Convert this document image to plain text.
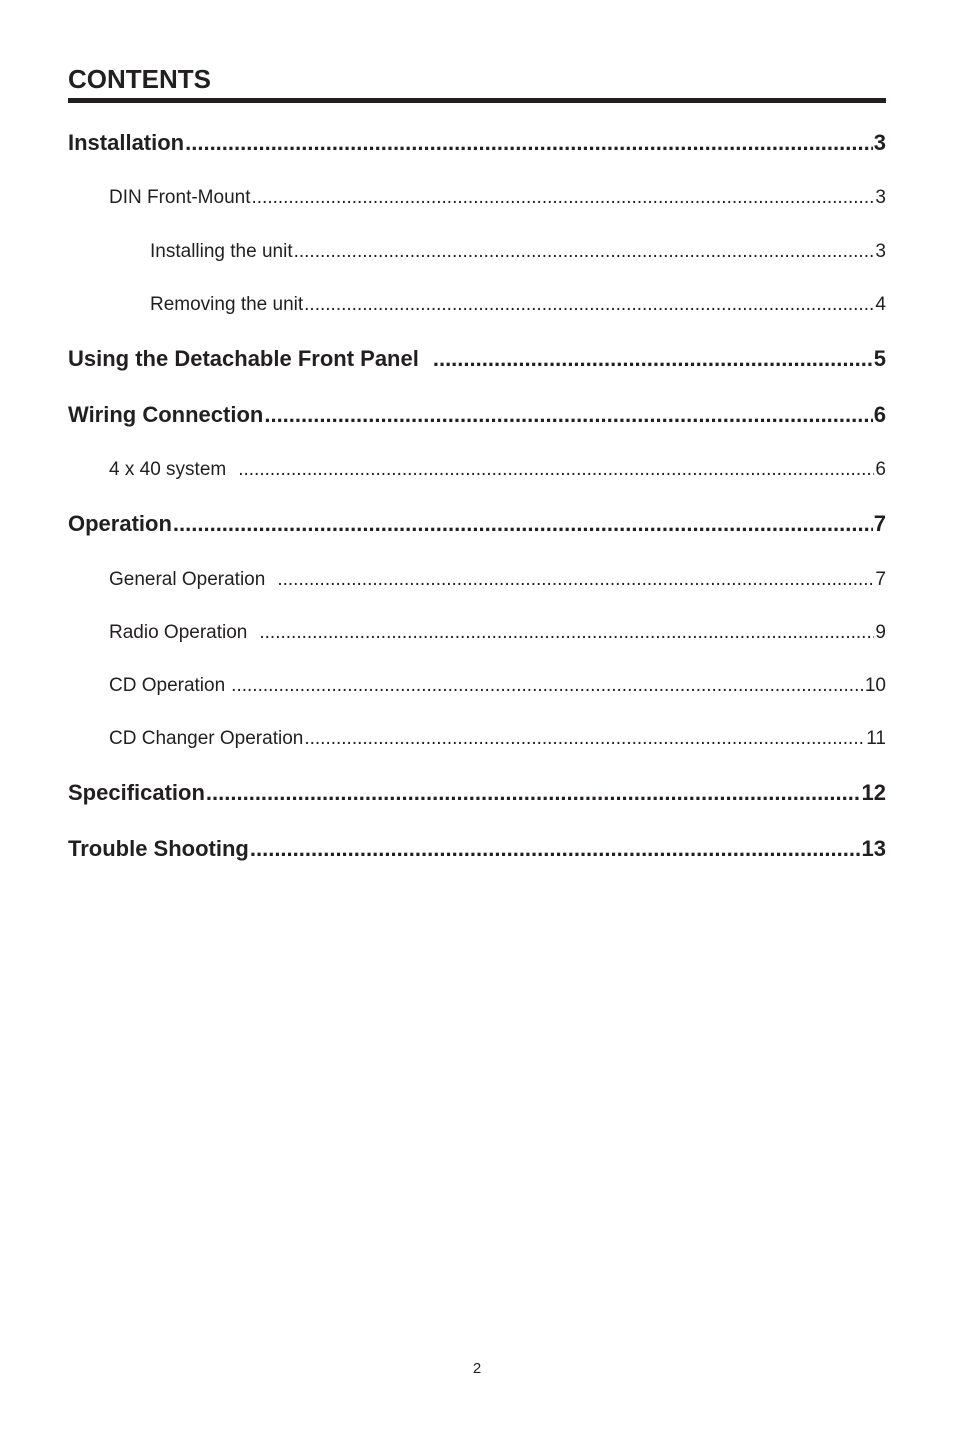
CONTENTS
Installation .....	3
DIN Front-Mount .....	3
Installing the unit .....	3
Removing the unit .....	4
Using the Detachable Front Panel .....	5
Wiring Connection .....	6
4 x 40 system .....	6
Operation .....	7
General Operation .....	7
Radio Operation .....	9
CD Operation .....	10
CD Changer Operation .....	11
Specification .....	12
Trouble Shooting .....	13
2
